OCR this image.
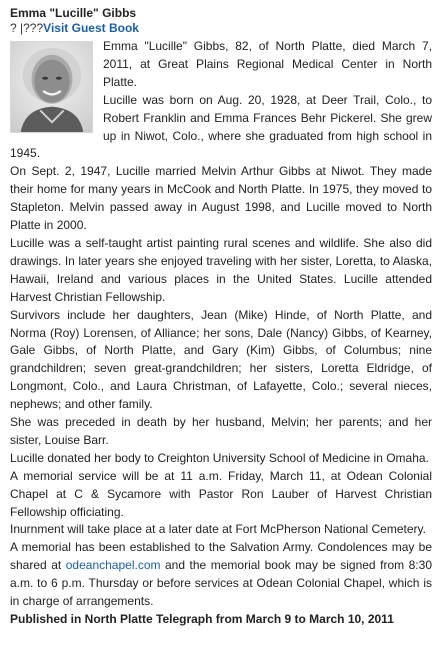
Emma "Lucille" Gibbs
? |???Visit Guest Book

Emma "Lucille" Gibbs, 82, of North Platte, died March 7, 2011, at Great Plains Regional Medical Center in North Platte.

Lucille was born on Aug. 20, 1928, at Deer Trail, Colo., to Robert Franklin and Emma Frances Behr Pickerel. She grew up in Niwot, Colo., where she graduated from high school in 1945.

On Sept. 2, 1947, Lucille married Melvin Arthur Gibbs at Niwot. They made their home for many years in McCook and North Platte. In 1975, they moved to Stapleton. Melvin passed away in August 1998, and Lucille moved to North Platte in 2000.

Lucille was a self-taught artist painting rural scenes and wildlife. She also did drawings. In later years she enjoyed traveling with her sister, Loretta, to Alaska, Hawaii, Ireland and various places in the United States. Lucille attended Harvest Christian Fellowship.

Survivors include her daughters, Jean (Mike) Hinde, of North Platte, and Norma (Roy) Lorensen, of Alliance; her sons, Dale (Nancy) Gibbs, of Kearney, Gale Gibbs, of North Platte, and Gary (Kim) Gibbs, of Columbus; nine grandchildren; seven great-grandchildren; her sisters, Loretta Eldridge, of Longmont, Colo., and Laura Christman, of Lafayette, Colo.; several nieces, nephews; and other family.

She was preceded in death by her husband, Melvin; her parents; and her sister, Louise Barr.

Lucille donated her body to Creighton University School of Medicine in Omaha.

A memorial service will be at 11 a.m. Friday, March 11, at Odean Colonial Chapel at C & Sycamore with Pastor Ron Lauber of Harvest Christian Fellowship officiating.

Inurnment will take place at a later date at Fort McPherson National Cemetery.

A memorial has been established to the Salvation Army. Condolences may be shared at odeanchapel.com and the memorial book may be signed from 8:30 a.m. to 6 p.m. Thursday or before services at Odean Colonial Chapel, which is in charge of arrangements.

Published in North Platte Telegraph from March 9 to March 10, 2011
